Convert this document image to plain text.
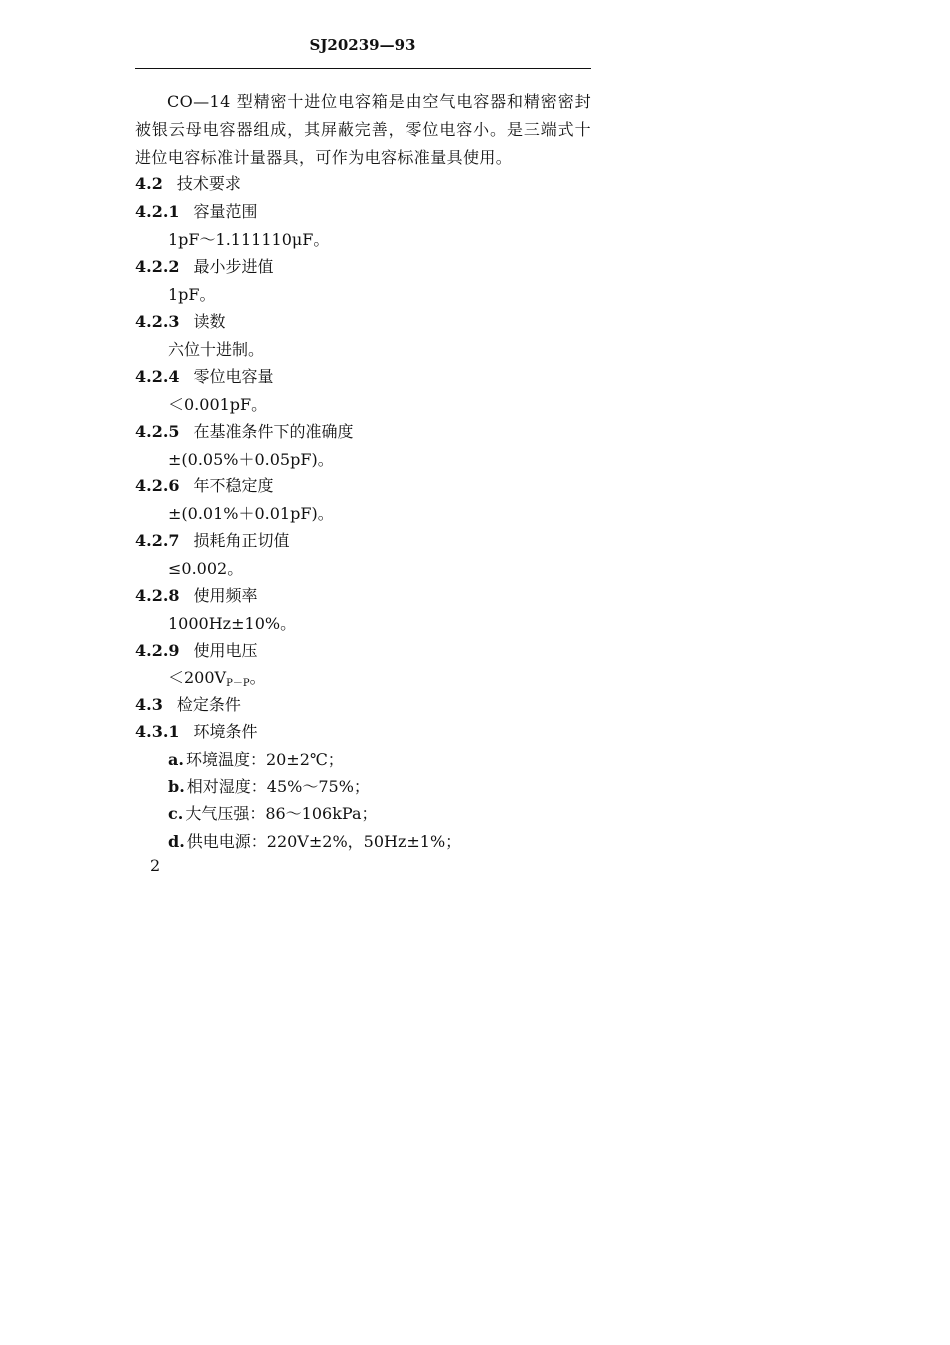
SJ20239—93
CO—14 型精密十进位电容箱是由空气电容器和精密密封被银云母电容器组成，其屏蔽完善，零位电容小。是三端式十进位电容标准计量器具，可作为电容标准量具使用。
4.2 技术要求
4.2.1 容量范围
1pF～1.111110μF。
4.2.2 最小步进值
1pF。
4.2.3 读数
六位十进制。
4.2.4 零位电容量
＜0.001pF。
4.2.5 在基准条件下的准确度
±(0.05%＋0.05pF)。
4.2.6 年不稳定度
±(0.01%＋0.01pF)。
4.2.7 损耗角正切值
≤0.002。
4.2.8 使用频率
1000Hz±10%。
4.2.9 使用电压
$<200V_{P-P}$。
4.3 检定条件
4.3.1 环境条件
a. 环境温度：20±2℃；
b. 相对湿度：45%～75%；
c. 大气压强：86～106kPa；
d. 供电电源：220V±2%，50Hz±1%；
2
